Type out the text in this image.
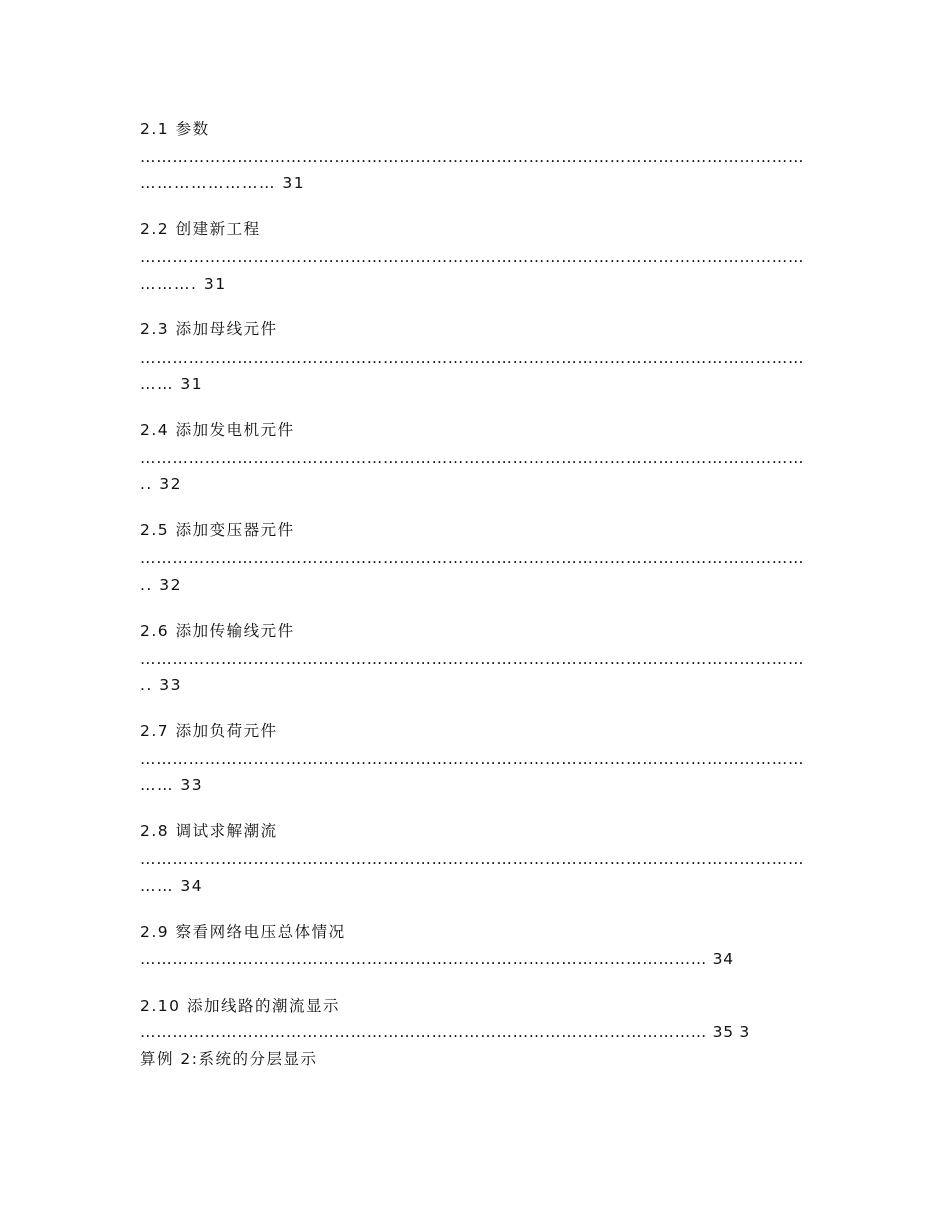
2.1 参数
……………………………………………………………………………………………………………
…………………… 31
2.2 创建新工程
……………………………………………………………………………………………………………
………. 31
2.3 添加母线元件
……………………………………………………………………………………………………………
…… 31
2.4 添加发电机元件
……………………………………………………………………………………………………………
.. 32
2.5 添加变压器元件
……………………………………………………………………………………………………………
.. 32
2.6 添加传输线元件
……………………………………………………………………………………………………………
.. 33
2.7 添加负荷元件
……………………………………………………………………………………………………………
…… 33
2.8 调试求解潮流
……………………………………………………………………………………………………………
…… 34
2.9 察看网络电压总体情况
…………………………………………………………………………………………… 34
2.10 添加线路的潮流显示
…………………………………………………………………………………………… 35 3
算例 2:系统的分层显示
